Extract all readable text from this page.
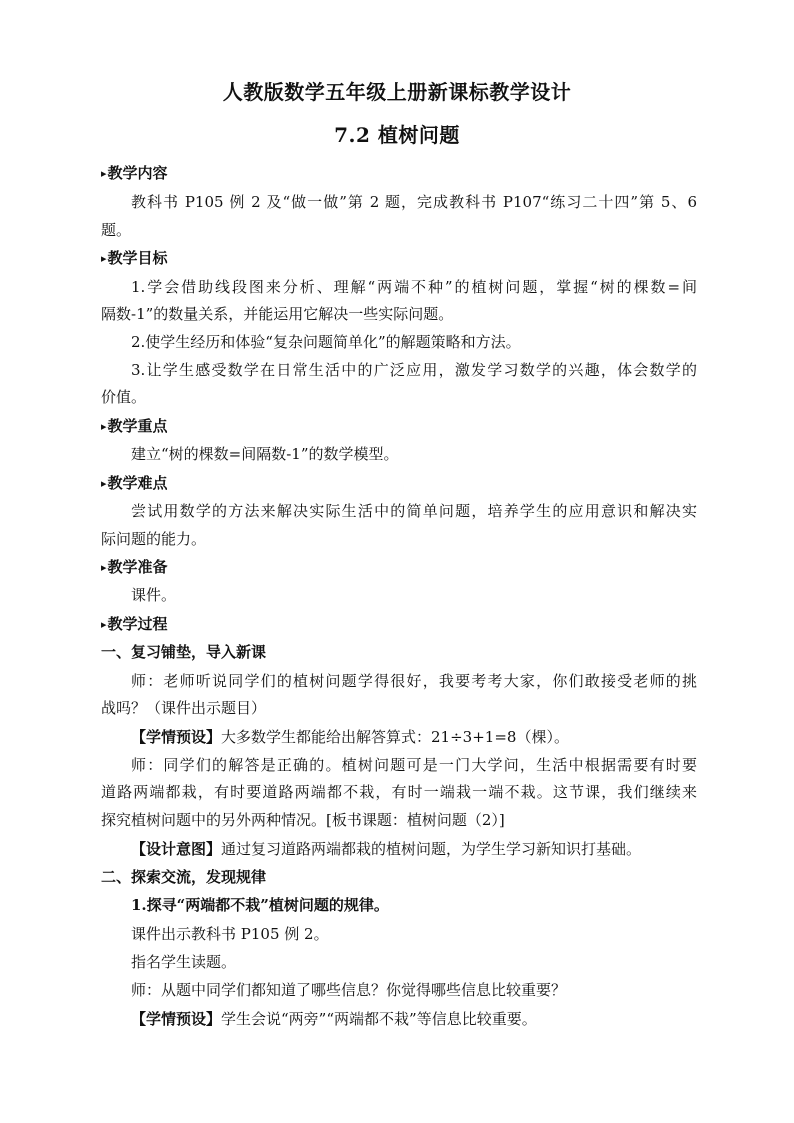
人教版数学五年级上册新课标教学设计
7.2 植树问题
▸教学内容
教科书 P105 例 2 及“做一做”第 2 题，完成教科书 P107“练习二十四”第 5、6
题。
▸教学目标
1.学会借助线段图来分析、理解“两端不种”的植树问题，掌握“树的棵数=间
隔数-1”的数量关系，并能运用它解决一些实际问题。
2.使学生经历和体验“复杂问题简单化”的解题策略和方法。
3.让学生感受数学在日常生活中的广泛应用，激发学习数学的兴趣，体会数学的
价值。
▸教学重点
建立“树的棵数=间隔数-1”的数学模型。
▸教学难点
尝试用数学的方法来解决实际生活中的简单问题，培养学生的应用意识和解决实
际问题的能力。
▸教学准备
课件。
▸教学过程
一、复习铺垫，导入新课
师：老师听说同学们的植树问题学得很好，我要考考大家，你们敢接受老师的挑
战吗？（课件出示题目）
【学情预设】大多数学生都能给出解答算式：21÷3+1=8（棵）。
师：同学们的解答是正确的。植树问题可是一门大学问，生活中根据需要有时要
道路两端都栽，有时要道路两端都不栽，有时一端栽一端不栽。这节课，我们继续来
探究植树问题中的另外两种情况。[板书课题：植树问题（2）]
【设计意图】通过复习道路两端都栽的植树问题，为学生学习新知识打基础。
二、探索交流，发现规律
1.探寻“两端都不栽”植树问题的规律。
课件出示教科书 P105 例 2。
指名学生读题。
师：从题中同学们都知道了哪些信息？你觉得哪些信息比较重要？
【学情预设】学生会说“两旁”“两端都不栽”等信息比较重要。
